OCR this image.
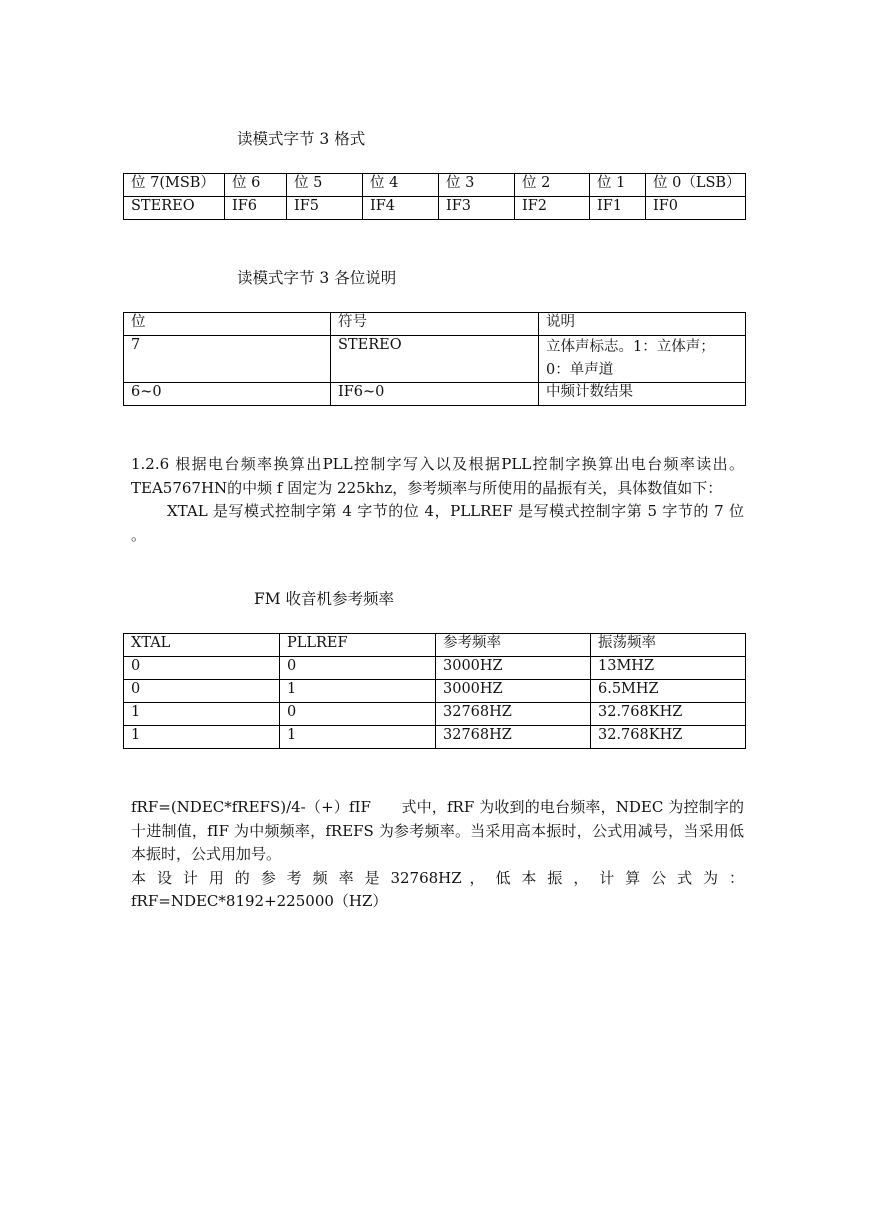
读模式字节 3 格式
位 7(MSB）	位 6	位 5	位 4	位 3	位 2	位 1	位 0（LSB）
STEREO	IF6	IF5	IF4	IF3	IF2	IF1	IF0
读模式字节 3 各位说明
位	符号	说明
7	STEREO	立体声标志。1：立体声；0：单声道
6~0	IF6~0	中频计数结果

1.2.6 根据电台频率换算出PLL控制字写入以及根据PLL控制字换算出电台频率读出。TEA5767HN的中频 f 固定为 225khz，参考频率与所使用的晶振有关，具体数值如下：

XTAL 是写模式控制字第 4 字节的位 4，PLLREF 是写模式控制字第 5 字节的 7 位 。

FM 收音机参考频率
XTAL	PLLREF	参考频率	振荡频率
0	0	3000HZ	13MHZ
0	1	3000HZ	6.5MHZ
1	0	32768HZ	32.768KHZ
1	1	32768HZ	32.768KHZ

fRF=(NDEC*fREFS)/4-（+）fIF　　式中，fRF 为收到的电台频率，NDEC 为控制字的十进制值，fIF 为中频频率，fREFS 为参考频率。当采用高本振时，公式用减号，当采用低本振时，公式用加号。

本 设 计 用 的 参 考 频 率 是 32768HZ ， 低 本 振 ， 计 算 公 式 为 ：

fRF=NDEC*8192+225000（HZ）
